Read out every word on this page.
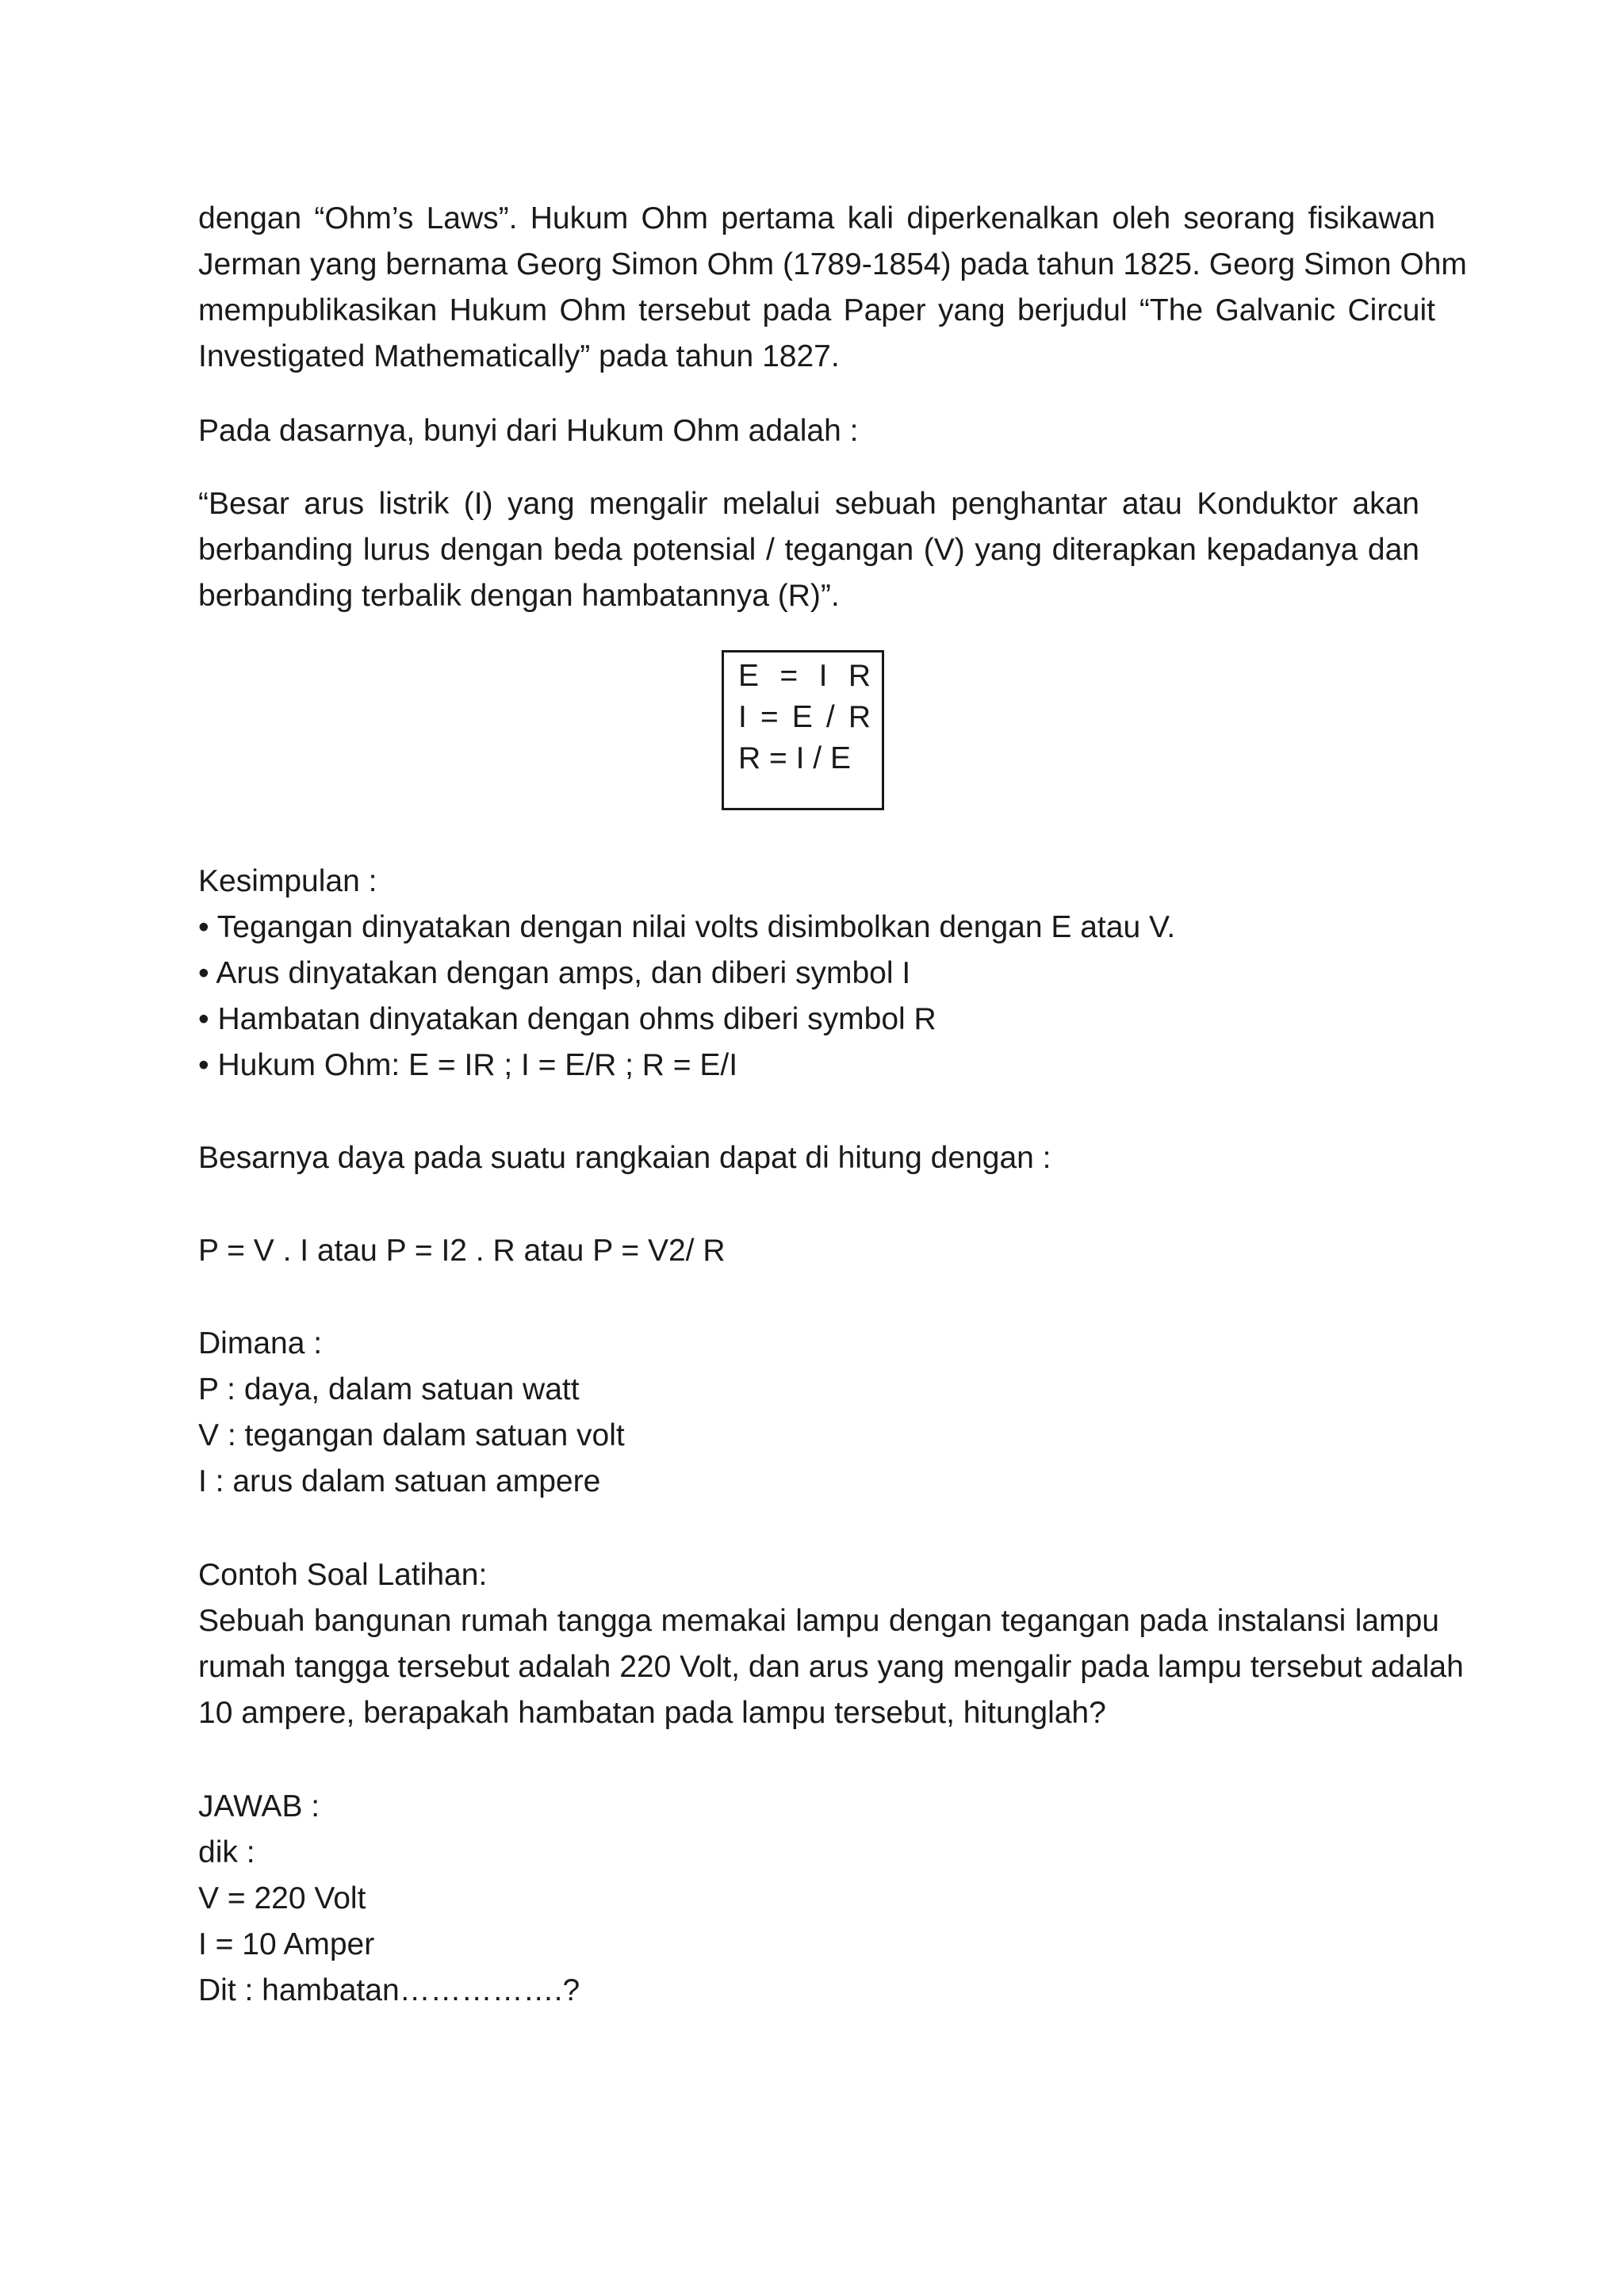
dengan “Ohm’s Laws”. Hukum Ohm pertama kali diperkenalkan oleh seorang fisikawan
Jerman yang bernama Georg Simon Ohm (1789-1854) pada tahun 1825. Georg Simon Ohm
mempublikasikan Hukum Ohm tersebut pada Paper yang berjudul “The Galvanic Circuit
Investigated Mathematically” pada tahun 1827.
Pada dasarnya, bunyi dari Hukum Ohm adalah :
“Besar arus listrik (I) yang mengalir melalui sebuah penghantar atau Konduktor akan
berbanding lurus dengan beda potensial / tegangan (V) yang diterapkan kepadanya dan
berbanding terbalik dengan hambatannya (R)”.
E = I R
I = E / R
R = I / E
Kesimpulan :
• Tegangan dinyatakan dengan nilai volts disimbolkan dengan E atau V.
• Arus dinyatakan dengan amps, dan diberi symbol I
• Hambatan dinyatakan dengan ohms diberi symbol R
• Hukum Ohm: E = IR ; I = E/R ; R = E/I
Besarnya daya pada suatu rangkaian dapat di hitung dengan :
P = V . I atau P = I2 . R atau P = V2/ R
Dimana :
P : daya, dalam satuan watt
V : tegangan dalam satuan volt
I : arus dalam satuan ampere
Contoh Soal Latihan:
Sebuah bangunan rumah tangga memakai lampu dengan tegangan pada instalansi lampu
rumah tangga tersebut adalah 220 Volt, dan arus yang mengalir pada lampu tersebut adalah
10 ampere, berapakah hambatan pada lampu tersebut, hitunglah?
JAWAB :
dik :
V = 220 Volt
I = 10 Amper
Dit : hambatan…………….?
